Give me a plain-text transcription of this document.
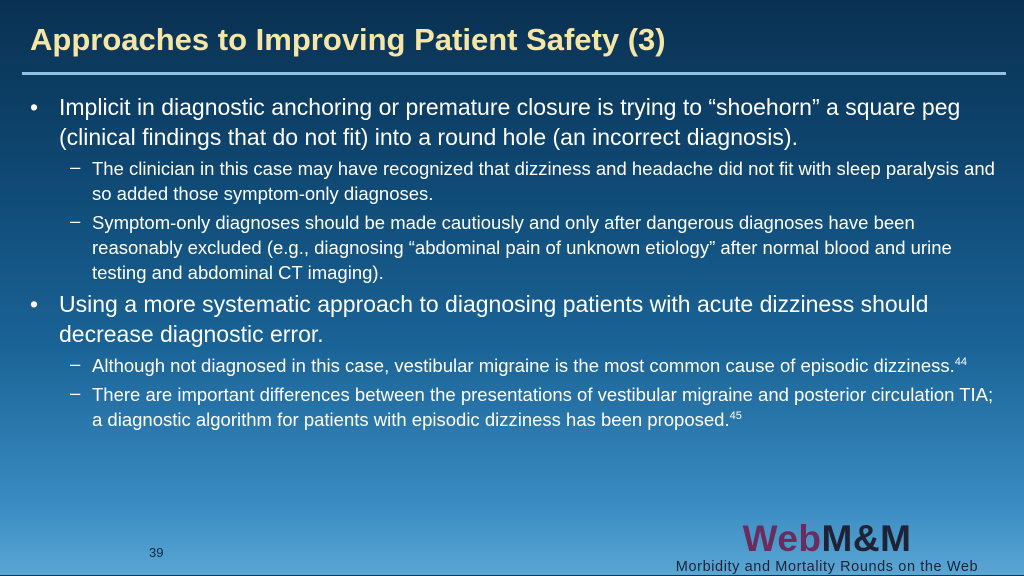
Approaches to Improving Patient Safety (3)
• Implicit in diagnostic anchoring or premature closure is trying to “shoehorn” a square peg (clinical findings that do not fit) into a round hole (an incorrect diagnosis).
– The clinician in this case may have recognized that dizziness and headache did not fit with sleep paralysis and so added those symptom-only diagnoses.
– Symptom-only diagnoses should be made cautiously and only after dangerous diagnoses have been reasonably excluded (e.g., diagnosing “abdominal pain of unknown etiology” after normal blood and urine testing and abdominal CT imaging).
• Using a more systematic approach to diagnosing patients with acute dizziness should decrease diagnostic error.
– Although not diagnosed in this case, vestibular migraine is the most common cause of episodic dizziness.$^{44}$
– There are important differences between the presentations of vestibular migraine and posterior circulation TIA; a diagnostic algorithm for patients with episodic dizziness has been proposed.$^{45}$
39	WebM&M
Morbidity and Mortality Rounds on the Web
